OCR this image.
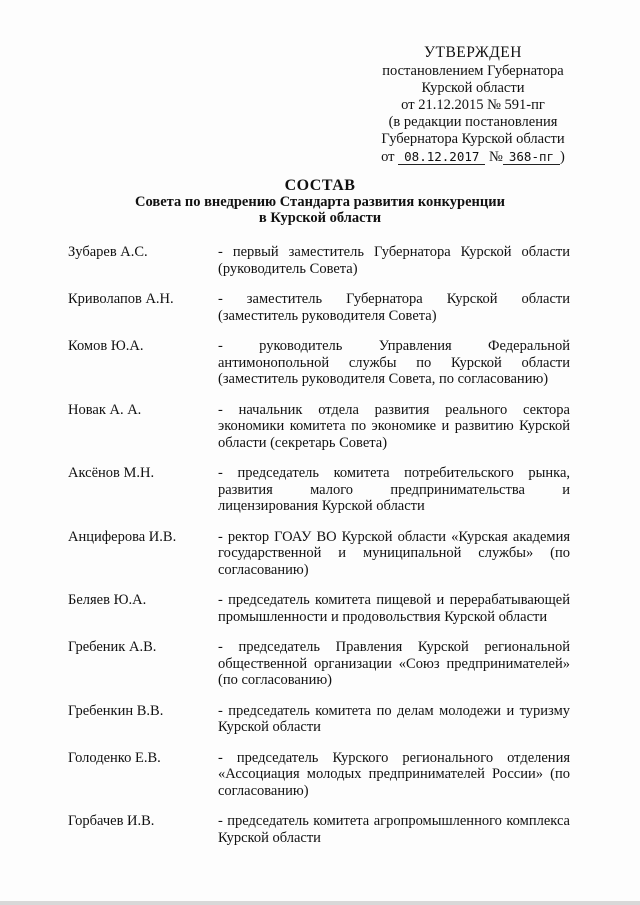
УТВЕРЖДЕН
постановлением Губернатора
Курской области
от 21.12.2015 № 591-пг
(в редакции постановления
Губернатора Курской области
от 08.12.2017 № 368-пг )
СОСТАВ
Совета по внедрению Стандарта развития конкуренции
в Курской области
Зубарев А.С.	- первый заместитель Губернатора Курской области (руководитель Совета)
Криволапов А.Н.	- заместитель Губернатора Курской области (заместитель руководителя Совета)
Комов Ю.А.	- руководитель Управления Федеральной антимонопольной службы по Курской области (заместитель руководителя Совета, по согласованию)
Новак А. А.	- начальник отдела развития реального сектора экономики комитета по экономике и развитию Курской области (секретарь Совета)
Аксёнов М.Н.	- председатель комитета потребительского рынка, развития малого предпринимательства и лицензирования Курской области
Анциферова И.В.	- ректор ГОАУ ВО Курской области «Курская академия государственной и муниципальной службы» (по согласованию)
Беляев Ю.А.	- председатель комитета пищевой и перерабатывающей промышленности и продовольствия Курской области
Гребеник А.В.	- председатель Правления Курской региональной общественной организации «Союз предпринимателей» (по согласованию)
Гребенкин В.В.	- председатель комитета по делам молодежи и туризму Курской области
Голоденко Е.В.	- председатель Курского регионального отделения «Ассоциация молодых предпринимателей России» (по согласованию)
Горбачев И.В.	- председатель комитета агропромышленного комплекса Курской области
